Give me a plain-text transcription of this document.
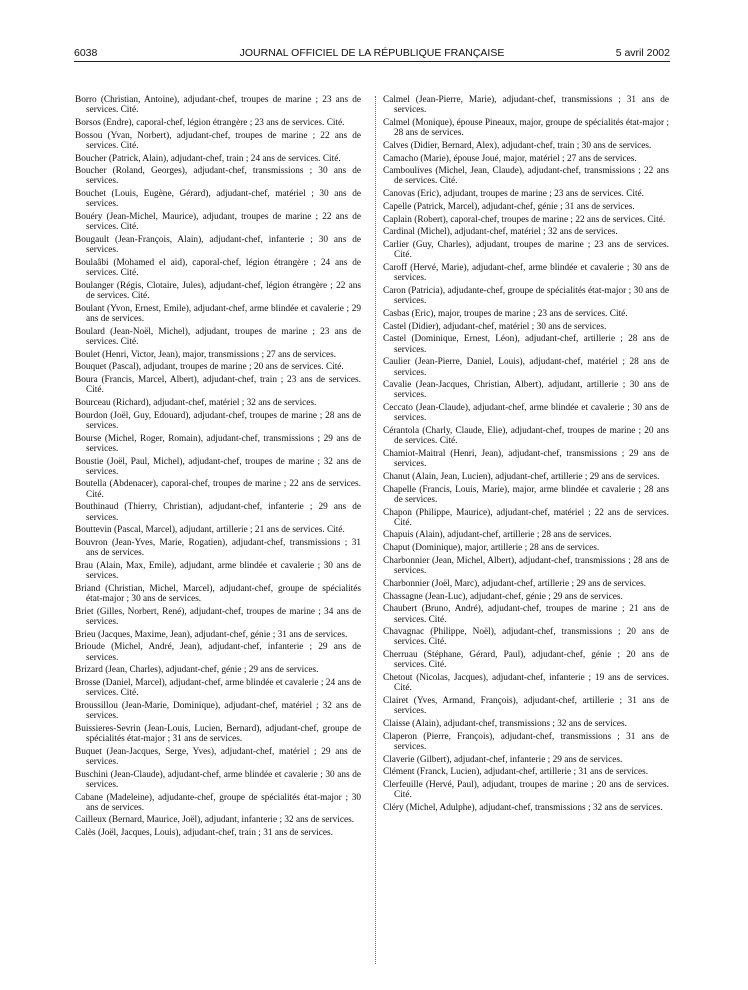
6038	JOURNAL OFFICIEL DE LA RÉPUBLIQUE FRANÇAISE	5 avril 2002
Borro (Christian, Antoine), adjudant-chef, troupes de marine ; 23 ans de services. Cité.
Borsos (Endre), caporal-chef, légion étrangère ; 23 ans de services. Cité.
Bossou (Yvan, Norbert), adjudant-chef, troupes de marine ; 22 ans de services. Cité.
Boucher (Patrick, Alain), adjudant-chef, train ; 24 ans de services. Cité.
Boucher (Roland, Georges), adjudant-chef, transmissions ; 30 ans de services.
Bouchet (Louis, Eugène, Gérard), adjudant-chef, matériel ; 30 ans de services.
Bouéry (Jean-Michel, Maurice), adjudant, troupes de marine ; 22 ans de services. Cité.
Bougault (Jean-François, Alain), adjudant-chef, infanterie ; 30 ans de services.
Boulaâbi (Mohamed el aid), caporal-chef, légion étrangère ; 24 ans de services. Cité.
Boulanger (Régis, Clotaire, Jules), adjudant-chef, légion étrangère ; 22 ans de services. Cité.
Boulant (Yvon, Ernest, Emile), adjudant-chef, arme blindée et cavalerie ; 29 ans de services.
Boulard (Jean-Noël, Michel), adjudant, troupes de marine ; 23 ans de services. Cité.
Boulet (Henri, Victor, Jean), major, transmissions ; 27 ans de services.
Bouquet (Pascal), adjudant, troupes de marine ; 20 ans de services. Cité.
Boura (Francis, Marcel, Albert), adjudant-chef, train ; 23 ans de services. Cité.
Bourceau (Richard), adjudant-chef, matériel ; 32 ans de services.
Bourdon (Joël, Guy, Edouard), adjudant-chef, troupes de marine ; 28 ans de services.
Bourse (Michel, Roger, Romain), adjudant-chef, transmissions ; 29 ans de services.
Boustie (Joël, Paul, Michel), adjudant-chef, troupes de marine ; 32 ans de services.
Boutella (Abdenacer), caporal-chef, troupes de marine ; 22 ans de services. Cité.
Bouthinaud (Thierry, Christian), adjudant-chef, infanterie ; 29 ans de services.
Bouttevin (Pascal, Marcel), adjudant, artillerie ; 21 ans de services. Cité.
Bouvron (Jean-Yves, Marie, Rogatien), adjudant-chef, transmissions ; 31 ans de services.
Brau (Alain, Max, Emile), adjudant, arme blindée et cavalerie ; 30 ans de services.
Briand (Christian, Michel, Marcel), adjudant-chef, groupe de spécialités état-major ; 30 ans de services.
Briet (Gilles, Norbert, René), adjudant-chef, troupes de marine ; 34 ans de services.
Brieu (Jacques, Maxime, Jean), adjudant-chef, génie ; 31 ans de services.
Brioude (Michel, André, Jean), adjudant-chef, infanterie ; 29 ans de services.
Brizard (Jean, Charles), adjudant-chef, génie ; 29 ans de services.
Brosse (Daniel, Marcel), adjudant-chef, arme blindée et cavalerie ; 24 ans de services. Cité.
Broussillou (Jean-Marie, Dominique), adjudant-chef, matériel ; 32 ans de services.
Buissieres-Sevrin (Jean-Louis, Lucien, Bernard), adjudant-chef, groupe de spécialités état-major ; 31 ans de services.
Buquet (Jean-Jacques, Serge, Yves), adjudant-chef, matériel ; 29 ans de services.
Buschini (Jean-Claude), adjudant-chef, arme blindée et cavalerie ; 30 ans de services.
Cabane (Madeleine), adjudante-chef, groupe de spécialités état-major ; 30 ans de services.
Cailleux (Bernard, Maurice, Joël), adjudant, infanterie ; 32 ans de services.
Calès (Joël, Jacques, Louis), adjudant-chef, train ; 31 ans de services.
Calmel (Jean-Pierre, Marie), adjudant-chef, transmissions ; 31 ans de services.
Calmel (Monique), épouse Pineaux, major, groupe de spécialités état-major ; 28 ans de services.
Calves (Didier, Bernard, Alex), adjudant-chef, train ; 30 ans de services.
Camacho (Marie), épouse Joué, major, matériel ; 27 ans de services.
Camboulives (Michel, Jean, Claude), adjudant-chef, transmissions ; 22 ans de services. Cité.
Canovas (Eric), adjudant, troupes de marine ; 23 ans de services. Cité.
Capelle (Patrick, Marcel), adjudant-chef, génie ; 31 ans de services.
Caplain (Robert), caporal-chef, troupes de marine ; 22 ans de services. Cité.
Cardinal (Michel), adjudant-chef, matériel ; 32 ans de services.
Carlier (Guy, Charles), adjudant, troupes de marine ; 23 ans de services. Cité.
Caroff (Hervé, Marie), adjudant-chef, arme blindée et cavalerie ; 30 ans de services.
Caron (Patricia), adjudante-chef, groupe de spécialités état-major ; 30 ans de services.
Casbas (Eric), major, troupes de marine ; 23 ans de services. Cité.
Castel (Didier), adjudant-chef, matériel ; 30 ans de services.
Castel (Dominique, Ernest, Léon), adjudant-chef, artillerie ; 28 ans de services.
Caulier (Jean-Pierre, Daniel, Louis), adjudant-chef, matériel ; 28 ans de services.
Cavalie (Jean-Jacques, Christian, Albert), adjudant, artillerie ; 30 ans de services.
Ceccato (Jean-Claude), adjudant-chef, arme blindée et cavalerie ; 30 ans de services.
Cérantola (Charly, Claude, Elie), adjudant-chef, troupes de marine ; 20 ans de services. Cité.
Chamiot-Maitral (Henri, Jean), adjudant-chef, transmissions ; 29 ans de services.
Chanut (Alain, Jean, Lucien), adjudant-chef, artillerie ; 29 ans de services.
Chapelle (Francis, Louis, Marie), major, arme blindée et cavalerie ; 28 ans de services.
Chapon (Philippe, Maurice), adjudant-chef, matériel ; 22 ans de services. Cité.
Chapuis (Alain), adjudant-chef, artillerie ; 28 ans de services.
Chaput (Dominique), major, artillerie ; 28 ans de services.
Charbonnier (Jean, Michel, Albert), adjudant-chef, transmissions ; 28 ans de services.
Charbonnier (Joël, Marc), adjudant-chef, artillerie ; 29 ans de services.
Chassagne (Jean-Luc), adjudant-chef, génie ; 29 ans de services.
Chaubert (Bruno, André), adjudant-chef, troupes de marine ; 21 ans de services. Cité.
Chavagnac (Philippe, Noël), adjudant-chef, transmissions ; 20 ans de services. Cité.
Cherruau (Stéphane, Gérard, Paul), adjudant-chef, génie ; 20 ans de services. Cité.
Chetout (Nicolas, Jacques), adjudant-chef, infanterie ; 19 ans de services. Cité.
Clairet (Yves, Armand, François), adjudant-chef, artillerie ; 31 ans de services.
Claisse (Alain), adjudant-chef, transmissions ; 32 ans de services.
Claperon (Pierre, François), adjudant-chef, transmissions ; 31 ans de services.
Claverie (Gilbert), adjudant-chef, infanterie ; 29 ans de services.
Clément (Franck, Lucien), adjudant-chef, artillerie ; 31 ans de services.
Clerfeuille (Hervé, Paul), adjudant, troupes de marine ; 20 ans de services. Cité.
Cléry (Michel, Adulphe), adjudant-chef, transmissions ; 32 ans de services.
